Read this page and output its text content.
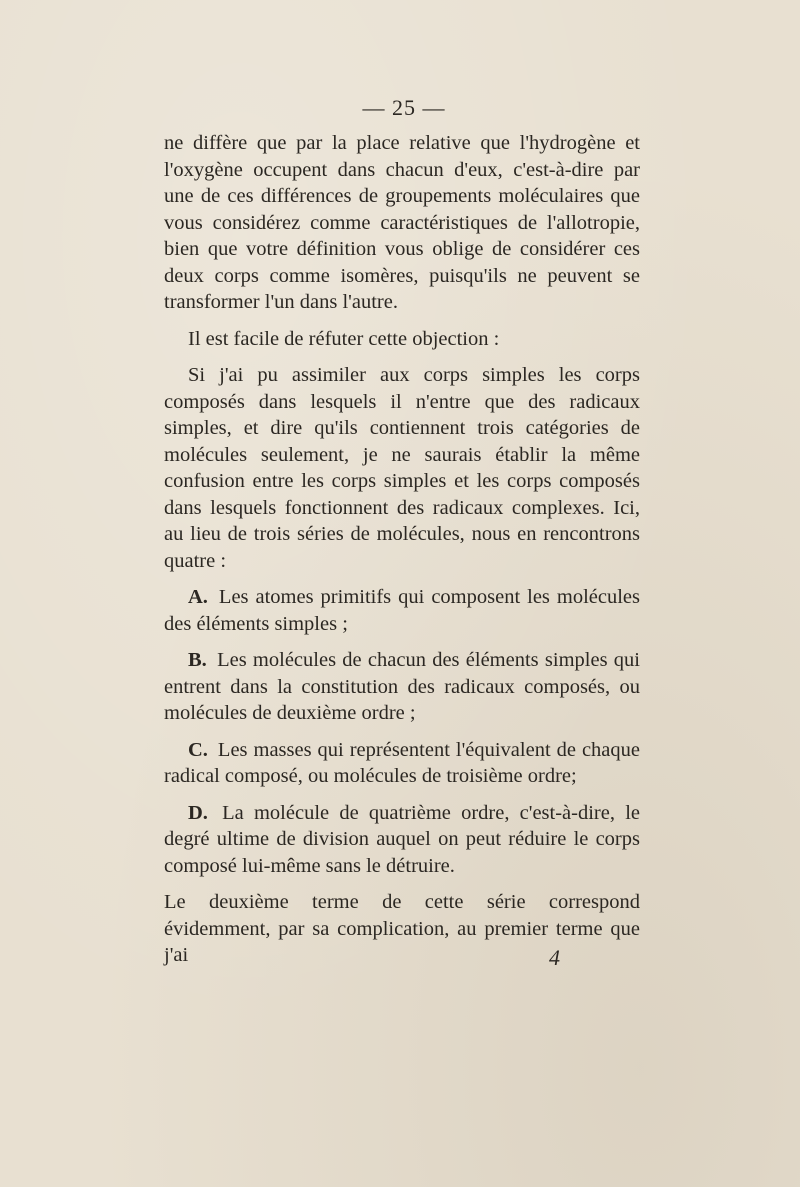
— 25 —

ne diffère que par la place relative que l'hydrogène et l'oxygène occupent dans chacun d'eux, c'est-à-dire par une de ces différences de groupements moléculaires que vous considérez comme caractéristiques de l'allotropie, bien que votre définition vous oblige de considérer ces deux corps comme isomères, puisqu'ils ne peuvent se transformer l'un dans l'autre.

Il est facile de réfuter cette objection :

Si j'ai pu assimiler aux corps simples les corps composés dans lesquels il n'entre que des radicaux simples, et dire qu'ils contiennent trois catégories de molécules seulement, je ne saurais établir la même confusion entre les corps simples et les corps composés dans lesquels fonctionnent des radicaux complexes. Ici, au lieu de trois séries de molécules, nous en rencontrons quatre :

A. Les atomes primitifs qui composent les molécules des éléments simples ;

B. Les molécules de chacun des éléments simples qui entrent dans la constitution des radicaux composés, ou molécules de deuxième ordre ;

C. Les masses qui représentent l'équivalent de chaque radical composé, ou molécules de troisième ordre;

D. La molécule de quatrième ordre, c'est-à-dire, le degré ultime de division auquel on peut réduire le corps composé lui-même sans le détruire.

Le deuxième terme de cette série correspond évidemment, par sa complication, au premier terme que j'ai	4
